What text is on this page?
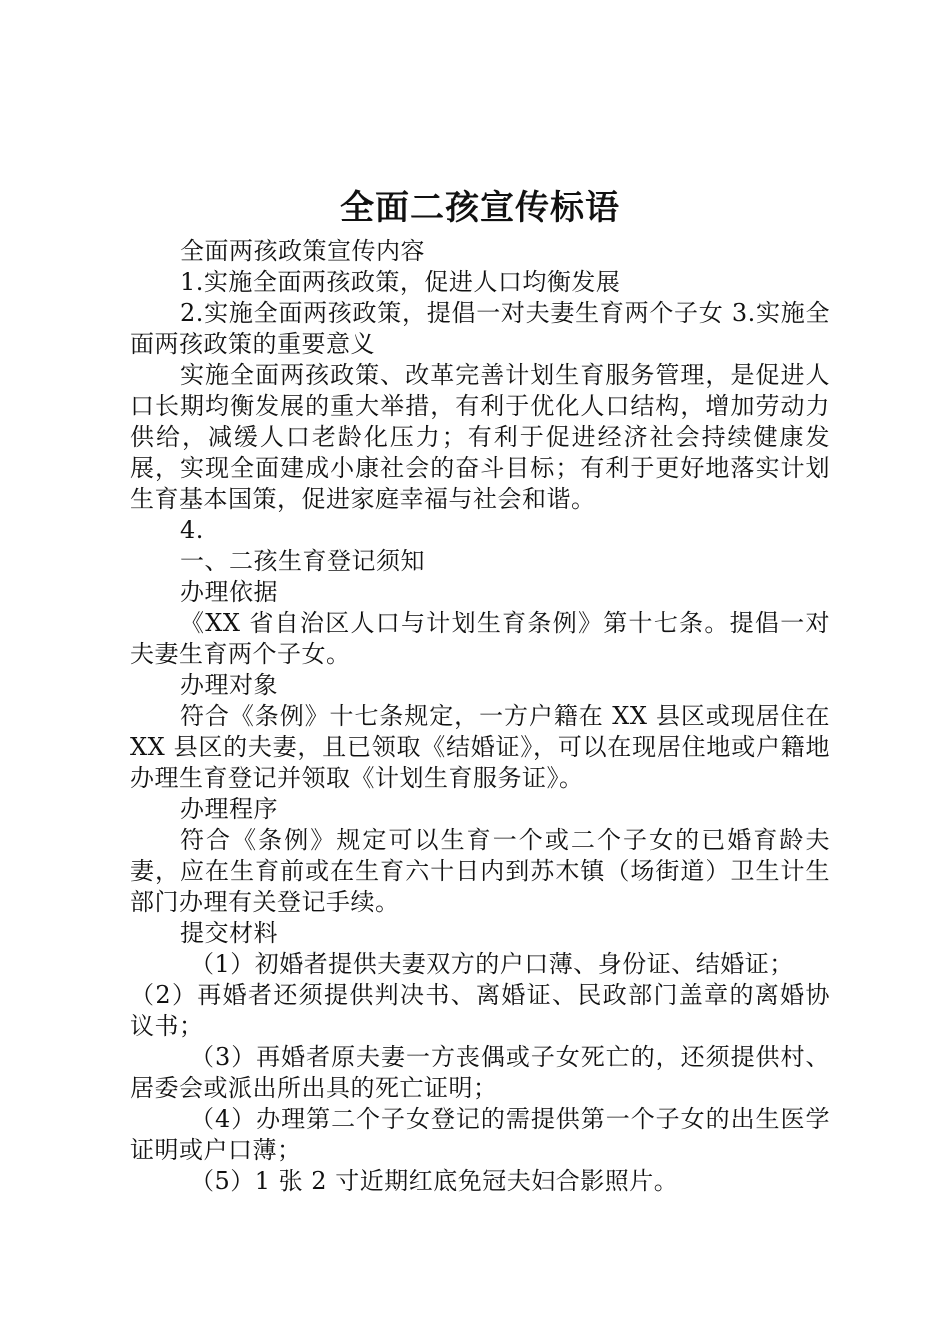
全面二孩宣传标语

全面两孩政策宣传内容

1.实施全面两孩政策，促进人口均衡发展

2.实施全面两孩政策，提倡一对夫妻生育两个子女 3.实施全面两孩政策的重要意义

实施全面两孩政策、改革完善计划生育服务管理，是促进人口长期均衡发展的重大举措，有利于优化人口结构，增加劳动力供给，减缓人口老龄化压力；有利于促进经济社会持续健康发展，实现全面建成小康社会的奋斗目标；有利于更好地落实计划生育基本国策，促进家庭幸福与社会和谐。

4.

一、二孩生育登记须知

办理依据

《XX 省自治区人口与计划生育条例》第十七条。提倡一对夫妻生育两个子女。

办理对象

符合《条例》十七条规定，一方户籍在 XX 县区或现居住在 XX 县区的夫妻，且已领取《结婚证》，可以在现居住地或户籍地办理生育登记并领取《计划生育服务证》。

办理程序

符合《条例》规定可以生育一个或二个子女的已婚育龄夫妻，应在生育前或在生育六十日内到苏木镇（场街道）卫生计生部门办理有关登记手续。

提交材料

（1）初婚者提供夫妻双方的户口薄、身份证、结婚证；

（2）再婚者还须提供判决书、离婚证、民政部门盖章的离婚协议书；

（3）再婚者原夫妻一方丧偶或子女死亡的，还须提供村、居委会或派出所出具的死亡证明；

（4）办理第二个子女登记的需提供第一个子女的出生医学证明或户口薄；

（5）1 张 2 寸近期红底免冠夫妇合影照片。
